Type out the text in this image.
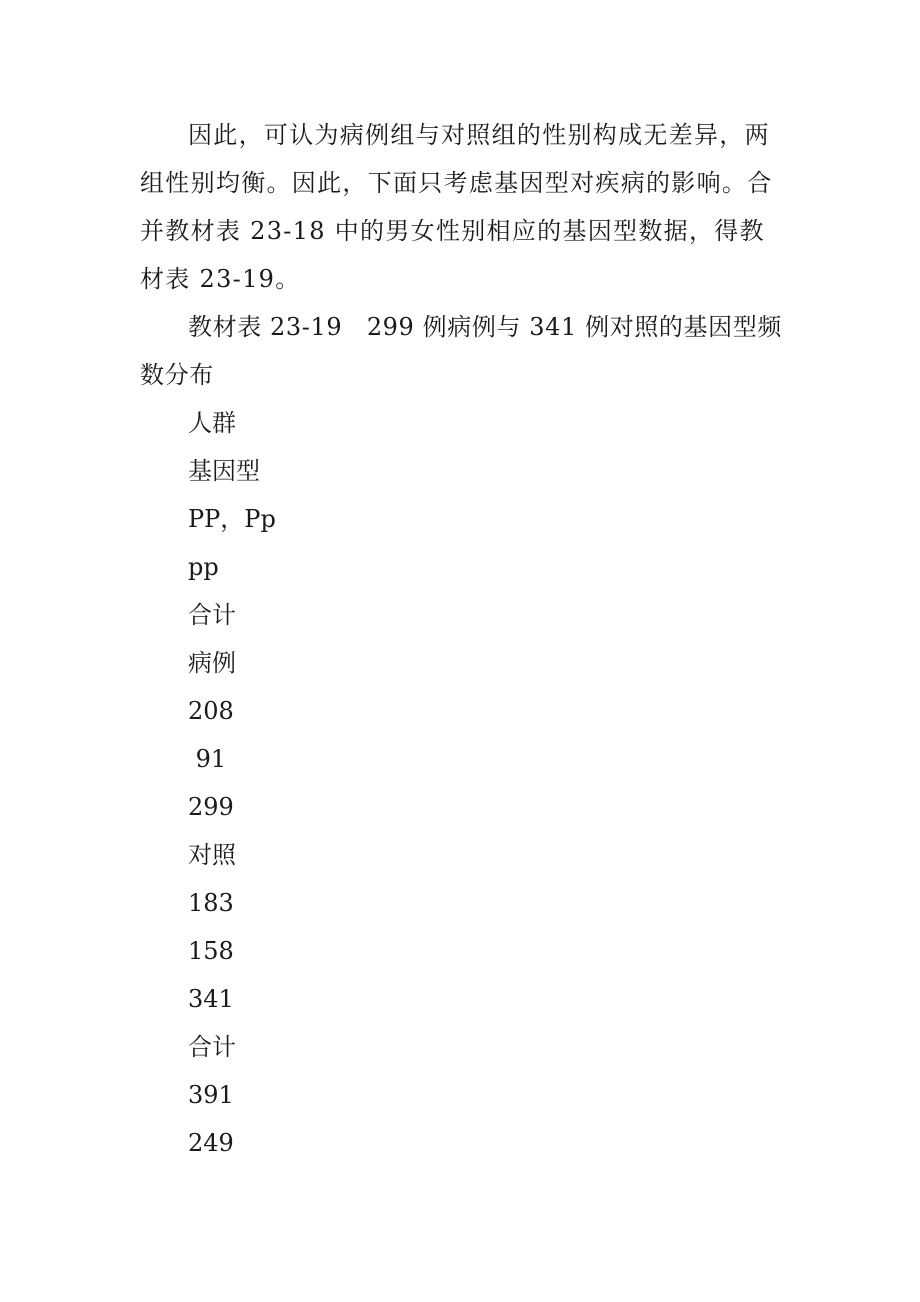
因此，可认为病例组与对照组的性别构成无差异，两组性别均衡。因此，下面只考虑基因型对疾病的影响。合并教材表 23-18 中的男女性别相应的基因型数据，得教材表 23-19。

教材表 23-19　299 例病例与 341 例对照的基因型频数分布

人群

基因型

PP，Pp

pp

合计

病例

208

91

299

对照

183

158

341

合计

391

249
